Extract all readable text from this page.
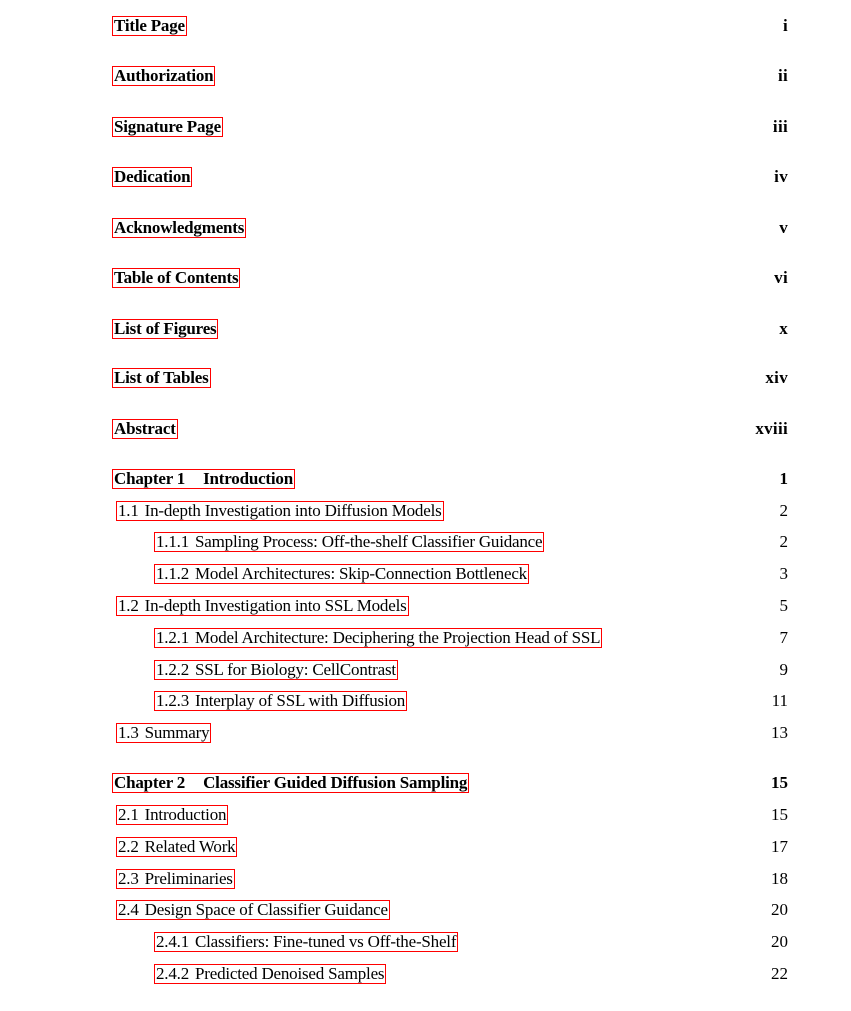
Title Page	i
Authorization	ii
Signature Page	iii
Dedication	iv
Acknowledgments	v
Table of Contents	vi
List of Figures	x
List of Tables	xiv
Abstract	xviii
Chapter 1 Introduction	1
1.1 In-depth Investigation into Diffusion Models	2
1.1.1 Sampling Process: Off-the-shelf Classifier Guidance	2
1.1.2 Model Architectures: Skip-Connection Bottleneck	3
1.2 In-depth Investigation into SSL Models	5
1.2.1 Model Architecture: Deciphering the Projection Head of SSL	7
1.2.2 SSL for Biology: CellContrast	9
1.2.3 Interplay of SSL with Diffusion	11
1.3 Summary	13
Chapter 2 Classifier Guided Diffusion Sampling	15
2.1 Introduction	15
2.2 Related Work	17
2.3 Preliminaries	18
2.4 Design Space of Classifier Guidance	20
2.4.1 Classifiers: Fine-tuned vs Off-the-Shelf	20
2.4.2 Predicted Denoised Samples	22
